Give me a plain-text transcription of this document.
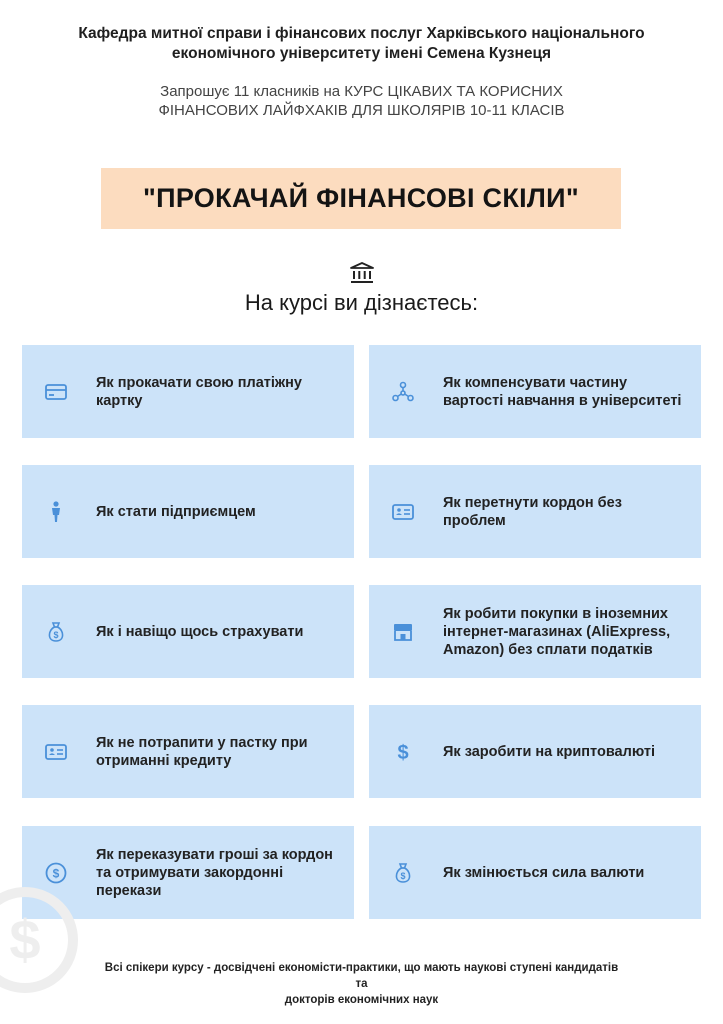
Кафедра митної справи і фінансових послуг Харківського національного
економічного університету імені Семена Кузнеця
Запрошує 11 класників на КУРС ЦІКАВИХ ТА КОРИСНИХ
ФІНАНСОВИХ ЛАЙФХАКІВ ДЛЯ ШКОЛЯРІВ 10-11 КЛАСІВ
"ПРОКАЧАЙ ФІНАНСОВІ СКІЛИ"
На курсі ви дізнаєтесь:
Як прокачати свою платіжну картку
Як компенсувати частину вартості навчання в університеті
Як стати підприємцем
Як перетнути кордон без проблем
$	Як і навіщо щось страхувати
Як робити покупки в іноземних інтернет-магазинах (AliExpress, Amazon) без сплати податків
Як не потрапити у пастку при отриманні кредиту	$ Як заробити на криптовалюті
$
Як переказувати гроші за кордон та отримувати закордонні перекази
$	Як змінюється сила валюти
$	Всі спікери курсу - досвідчені економісти-практики, що мають наукові ступені кандидатів та
докторів економічних наук
